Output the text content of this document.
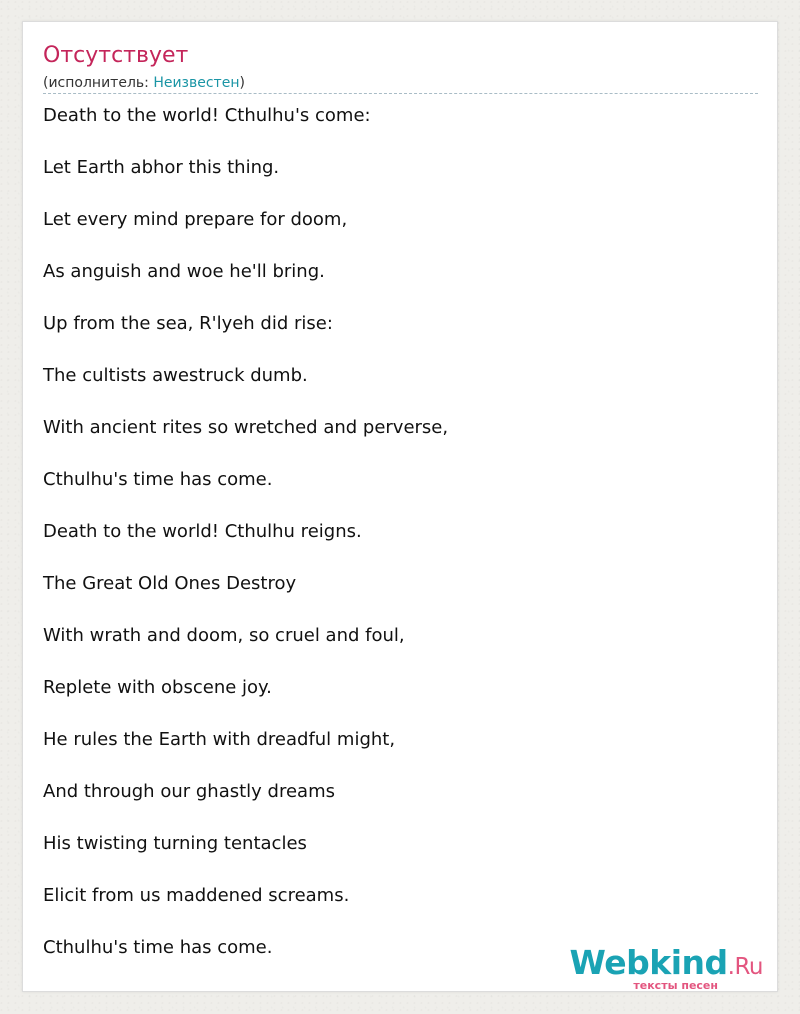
Отсутствует
(исполнитель: Неизвестен)
Death to the world! Cthulhu's come:
Let Earth abhor this thing.
Let every mind prepare for doom,
As anguish and woe he'll bring.
Up from the sea, R'lyeh did rise:
The cultists awestruck dumb.
With ancient rites so wretched and perverse,
Cthulhu's time has come.
Death to the world! Cthulhu reigns.
The Great Old Ones Destroy
With wrath and doom, so cruel and foul,
Replete with obscene joy.
He rules the Earth with dreadful might,
And through our ghastly dreams
His twisting turning tentacles
Elicit from us maddened screams.
Cthulhu's time has come.	Webkind.Ru
тексты песен
